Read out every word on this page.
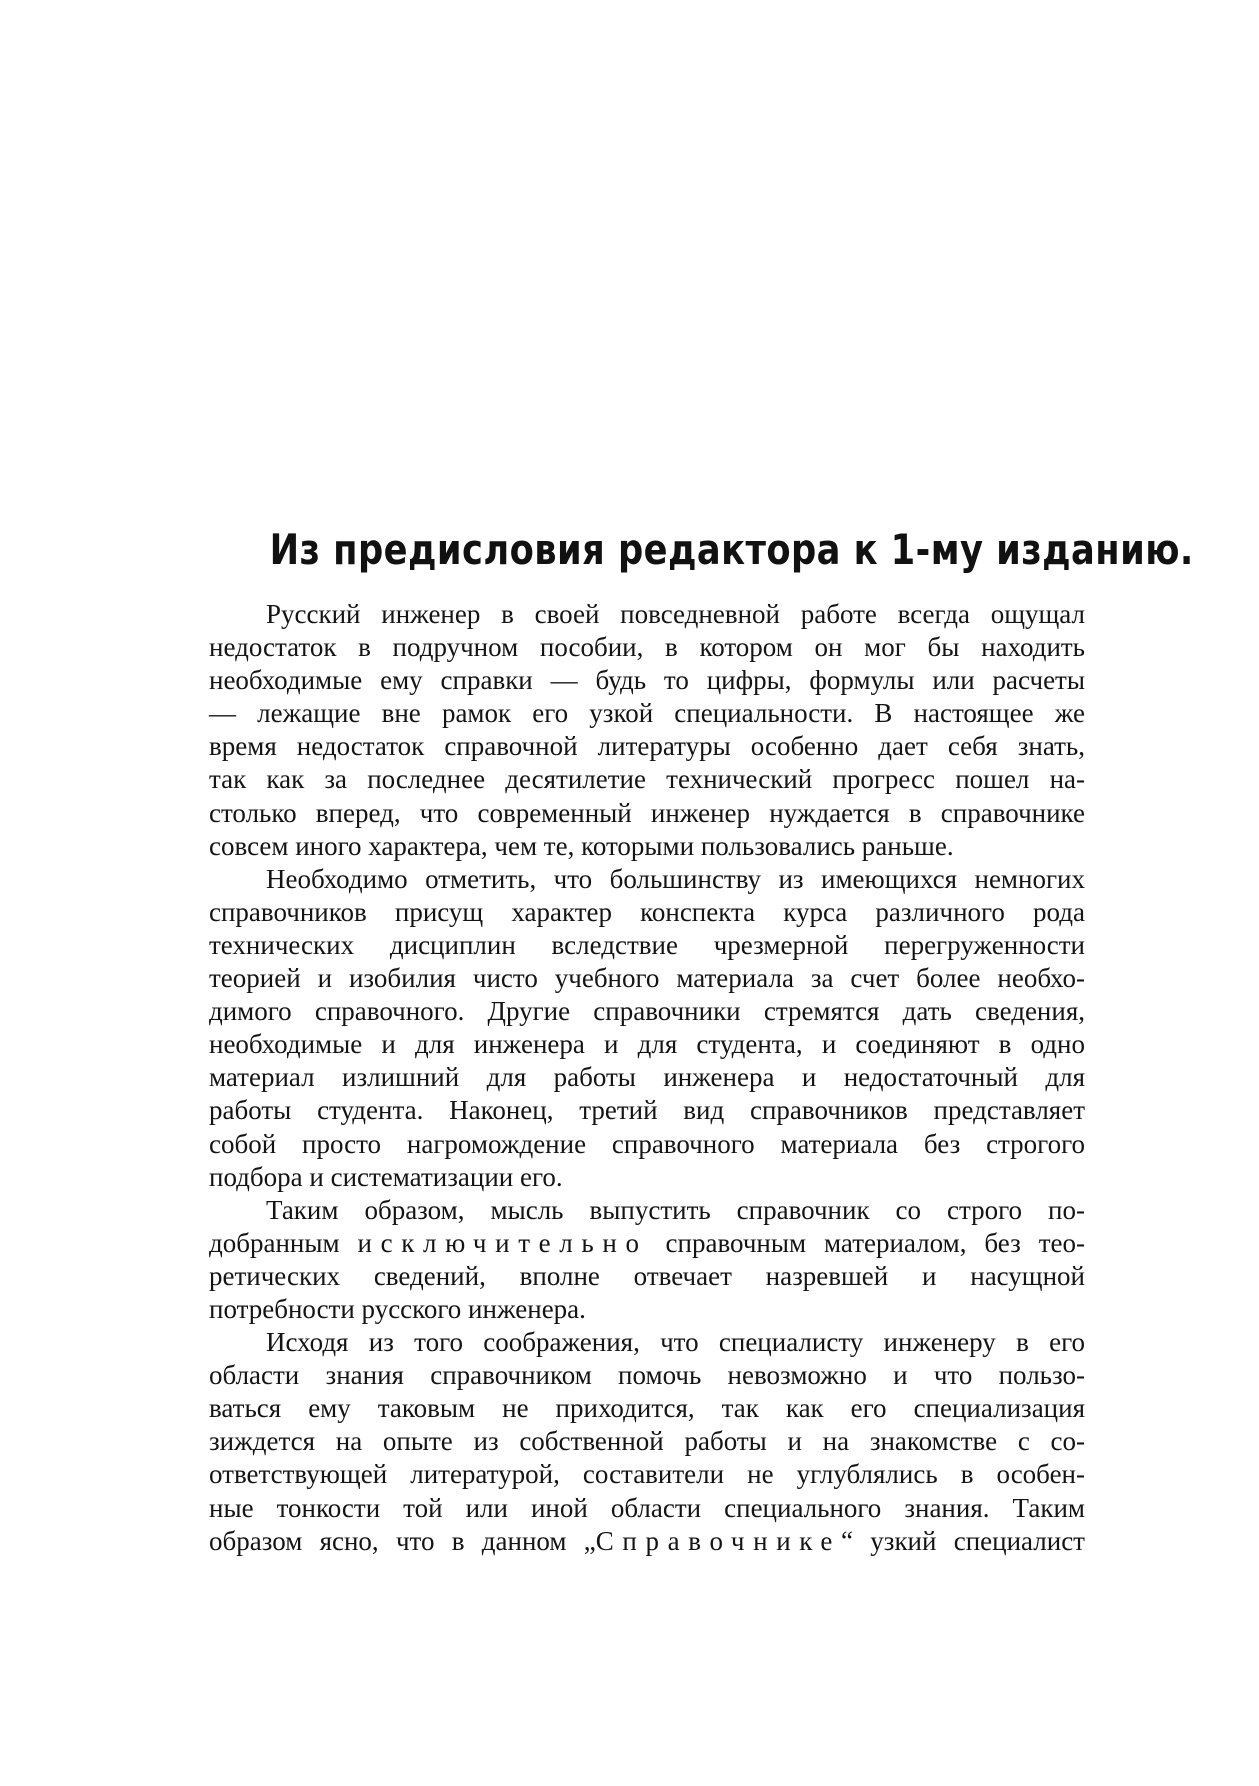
Из предисловия редактора к 1-му изданию.
Русский инженер в своей повседневной работе всегда ощущал
недостаток в подручном пособии, в котором он мог бы находить
необходимые ему справки — будь то цифры, формулы или расчеты
— лежащие вне рамок его узкой специальности. В настоящее же
время недостаток справочной литературы особенно дает себя знать,
так как за последнее десятилетие технический прогресс пошел на-
столько вперед, что современный инженер нуждается в справочнике
совсем иного характера, чем те, которыми пользовались раньше.
Необходимо отметить, что большинству из имеющихся немногих
справочников присущ характер конспекта курса различного рода
технических дисциплин вследствие чрезмерной перегруженности
теорией и изобилия чисто учебного материала за счет более необхо-
димого справочного. Другие справочники стремятся дать сведения,
необходимые и для инженера и для студента, и соединяют в одно
материал излишний для работы инженера и недостаточный для
работы студента. Наконец, третий вид справочников представляет
собой просто нагромождение справочного материала без строгого
подбора и систематизации его.
Таким образом, мысль выпустить справочник со строго по-
добранным исключительно справочным материалом, без тео-
ретических сведений, вполне отвечает назревшей и насущной
потребности русского инженера.
Исходя из того соображения, что специалисту инженеру в его
области знания справочником помочь невозможно и что пользо-
ваться ему таковым не приходится, так как его специализация
зиждется на опыте из собственной работы и на знакомстве с со-
ответствующей литературой, составители не углублялись в особен-
ные тонкости той или иной области специального знания. Таким
образом ясно, что в данном „Справочнике“ узкий специалист
